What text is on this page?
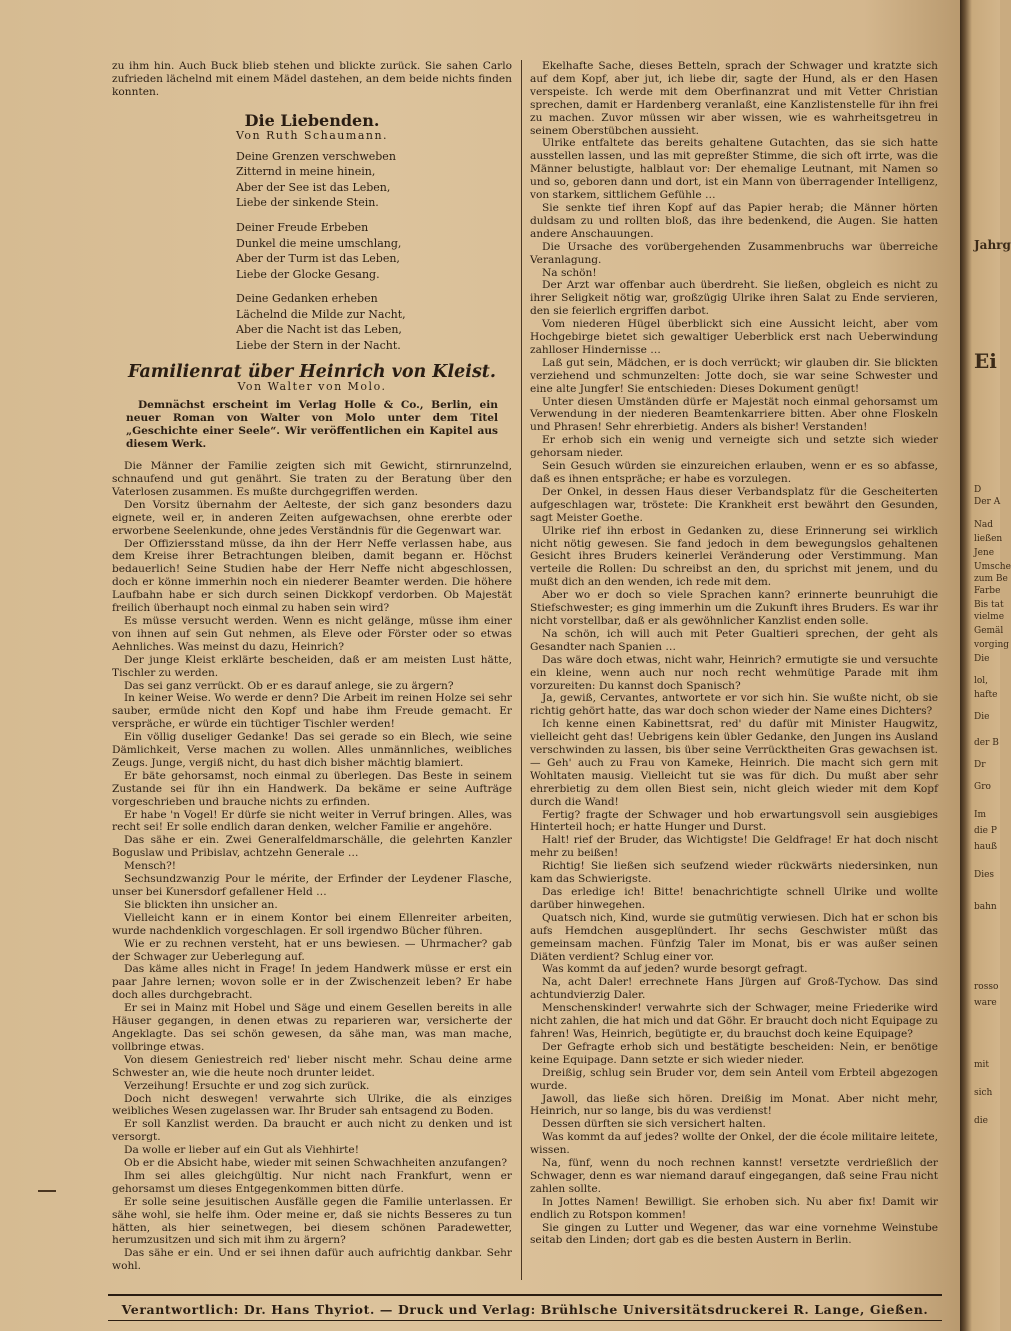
zu ihm hin. Auch Buck blieb stehen und blickte zurück. Sie sahen Carlo zufrieden lächelnd mit einem Mädel dastehen, an dem beide nichts finden konnten.

Die Liebenden.
Von Ruth Schaumann.
Deine Grenzen verschweben
Zitternd in meine hinein,
Aber der See ist das Leben,
Liebe der sinkende Stein.
Deiner Freude Erbeben
Dunkel die meine umschlang,
Aber der Turm ist das Leben,
Liebe der Glocke Gesang.
Deine Gedanken erheben
Lächelnd die Milde zur Nacht,
Aber die Nacht ist das Leben,
Liebe der Stern in der Nacht.
Familienrat über Heinrich von Kleist.
Von Walter von Molo.
Demnächst erscheint im Verlag Holle & Co., Berlin, ein neuer Roman von Walter von Molo unter dem Titel „Geschichte einer Seele“. Wir veröffentlichen ein Kapitel aus diesem Werk.

Die Männer der Familie zeigten sich mit Gewicht, stirnrunzelnd, schnaufend und gut genährt. Sie traten zu der Beratung über den Vaterlosen zusammen. Es mußte durchgegriffen werden.

Den Vorsitz übernahm der Aelteste, der sich ganz besonders dazu eignete, weil er, in anderen Zeiten aufgewachsen, ohne ererbte oder erworbene Seelenkunde, ohne jedes Verständnis für die Gegenwart war.

Der Offiziersstand müsse, da ihn der Herr Neffe verlassen habe, aus dem Kreise ihrer Betrachtungen bleiben, damit begann er. Höchst bedauerlich! Seine Studien habe der Herr Neffe nicht abgeschlossen, doch er könne immerhin noch ein niederer Beamter werden. Die höhere Laufbahn habe er sich durch seinen Dickkopf verdorben. Ob Majestät freilich überhaupt noch einmal zu haben sein wird?

Es müsse versucht werden. Wenn es nicht gelänge, müsse ihm einer von ihnen auf sein Gut nehmen, als Eleve oder Förster oder so etwas Aehnliches. Was meinst du dazu, Heinrich?

Der junge Kleist erklärte bescheiden, daß er am meisten Lust hätte, Tischler zu werden.

Das sei ganz verrückt. Ob er es darauf anlege, sie zu ärgern?

In keiner Weise. Wo werde er denn? Die Arbeit im reinen Holze sei sehr sauber, ermüde nicht den Kopf und habe ihm Freude gemacht. Er verspräche, er würde ein tüchtiger Tischler werden!

Ein völlig duseliger Gedanke! Das sei gerade so ein Blech, wie seine Dämlichkeit, Verse machen zu wollen. Alles unmännliches, weibliches Zeugs. Junge, vergiß nicht, du hast dich bisher mächtig blamiert.

Er bäte gehorsamst, noch einmal zu überlegen. Das Beste in seinem Zustande sei für ihn ein Handwerk. Da bekäme er seine Aufträge vorgeschrieben und brauche nichts zu erfinden.

Er habe 'n Vogel! Er dürfe sie nicht weiter in Verruf bringen. Alles, was recht sei! Er solle endlich daran denken, welcher Familie er angehöre.

Das sähe er ein. Zwei Generalfeldmarschälle, die gelehrten Kanzler Boguslaw und Pribislav, achtzehn Generale …

Mensch?!

Sechsundzwanzig Pour le mérite, der Erfinder der Leydener Flasche, unser bei Kunersdorf gefallener Held …

Sie blickten ihn unsicher an.

Vielleicht kann er in einem Kontor bei einem Ellenreiter arbeiten, wurde nachdenklich vorgeschlagen. Er soll irgendwo Bücher führen.

Wie er zu rechnen versteht, hat er uns bewiesen. — Uhrmacher? gab der Schwager zur Ueberlegung auf.

Das käme alles nicht in Frage! In jedem Handwerk müsse er erst ein paar Jahre lernen; wovon solle er in der Zwischenzeit leben? Er habe doch alles durchgebracht.

Er sei in Mainz mit Hobel und Säge und einem Gesellen bereits in alle Häuser gegangen, in denen etwas zu reparieren war, versicherte der Angeklagte. Das sei schön gewesen, da sähe man, was man mache, vollbringe etwas.

Von diesem Geniestreich red' lieber nischt mehr. Schau deine arme Schwester an, wie die heute noch drunter leidet.

Verzeihung! Ersuchte er und zog sich zurück.

Doch nicht deswegen! verwahrte sich Ulrike, die als einziges weibliches Wesen zugelassen war. Ihr Bruder sah entsagend zu Boden.

Er soll Kanzlist werden. Da braucht er auch nicht zu denken und ist versorgt.

Da wolle er lieber auf ein Gut als Viehhirte!

Ob er die Absicht habe, wieder mit seinen Schwachheiten anzufangen?

Ihm sei alles gleichgültig. Nur nicht nach Frankfurt, wenn er gehorsamst um dieses Entgegenkommen bitten dürfe.

Er solle seine jesuitischen Ausfälle gegen die Familie unterlassen. Er sähe wohl, sie helfe ihm. Oder meine er, daß sie nichts Besseres zu tun hätten, als hier seinetwegen, bei diesem schönen Paradewetter, herumzusitzen und sich mit ihm zu ärgern?

Das sähe er ein. Und er sei ihnen dafür auch aufrichtig dankbar. Sehr wohl.

Ekelhafte Sache, dieses Betteln, sprach der Schwager und kratzte sich auf dem Kopf, aber jut, ich liebe dir, sagte der Hund, als er den Hasen verspeiste. Ich werde mit dem Oberfinanzrat und mit Vetter Christian sprechen, damit er Hardenberg veranlaßt, eine Kanzlistenstelle für ihn frei zu machen. Zuvor müssen wir aber wissen, wie es wahrheitsgetreu in seinem Oberstübchen aussieht.

Ulrike entfaltete das bereits gehaltene Gutachten, das sie sich hatte ausstellen lassen, und las mit gepreßter Stimme, die sich oft irrte, was die Männer belustigte, halblaut vor: Der ehemalige Leutnant, mit Namen so und so, geboren dann und dort, ist ein Mann von überragender Intelligenz, von starkem, sittlichem Gefühle …

Sie senkte tief ihren Kopf auf das Papier herab; die Männer hörten duldsam zu und rollten bloß, das ihre bedenkend, die Augen. Sie hatten andere Anschauungen.

Die Ursache des vorübergehenden Zusammenbruchs war überreiche Veranlagung.

Na schön!

Der Arzt war offenbar auch überdreht. Sie ließen, obgleich es nicht zu ihrer Seligkeit nötig war, großzügig Ulrike ihren Salat zu Ende servieren, den sie feierlich ergriffen darbot.

Vom niederen Hügel überblickt sich eine Aussicht leicht, aber vom Hochgebirge bietet sich gewaltiger Ueberblick erst nach Ueberwindung zahlloser Hindernisse …

Laß gut sein, Mädchen, er is doch verrückt; wir glauben dir. Sie blickten verziehend und schmunzelten: Jotte doch, sie war seine Schwester und eine alte Jungfer! Sie entschieden: Dieses Dokument genügt!

Unter diesen Umständen dürfe er Majestät noch einmal gehorsamst um Verwendung in der niederen Beamtenkarriere bitten. Aber ohne Floskeln und Phrasen! Sehr ehrerbietig. Anders als bisher! Verstanden!

Er erhob sich ein wenig und verneigte sich und setzte sich wieder gehorsam nieder.

Sein Gesuch würden sie einzureichen erlauben, wenn er es so abfasse, daß es ihnen entspräche; er habe es vorzulegen.

Der Onkel, in dessen Haus dieser Verbandsplatz für die Gescheiterten aufgeschlagen war, tröstete: Die Krankheit erst bewährt den Gesunden, sagt Meister Goethe.

Ulrike rief ihn erbost in Gedanken zu, diese Erinnerung sei wirklich nicht nötig gewesen. Sie fand jedoch in dem bewegungslos gehaltenen Gesicht ihres Bruders keinerlei Veränderung oder Verstimmung. Man verteile die Rollen: Du schreibst an den, du sprichst mit jenem, und du mußt dich an den wenden, ich rede mit dem.

Aber wo er doch so viele Sprachen kann? erinnerte beunruhigt die Stiefschwester; es ging immerhin um die Zukunft ihres Bruders. Es war ihr nicht vorstellbar, daß er als gewöhnlicher Kanzlist enden solle.

Na schön, ich will auch mit Peter Gualtieri sprechen, der geht als Gesandter nach Spanien …

Das wäre doch etwas, nicht wahr, Heinrich? ermutigte sie und versuchte ein kleine, wenn auch nur noch recht wehmütige Parade mit ihm vorzureiten: Du kannst doch Spanisch?

Ja, gewiß, Cervantes, antwortete er vor sich hin. Sie wußte nicht, ob sie richtig gehört hatte, das war doch schon wieder der Name eines Dichters?

Ich kenne einen Kabinettsrat, red' du dafür mit Minister Haugwitz, vielleicht geht das! Uebrigens kein übler Gedanke, den Jungen ins Ausland verschwinden zu lassen, bis über seine Verrücktheiten Gras gewachsen ist. — Geh' auch zu Frau von Kameke, Heinrich. Die macht sich gern mit Wohltaten mausig. Vielleicht tut sie was für dich. Du mußt aber sehr ehrerbietig zu dem ollen Biest sein, nicht gleich wieder mit dem Kopf durch die Wand!

Fertig? fragte der Schwager und hob erwartungsvoll sein ausgiebiges Hinterteil hoch; er hatte Hunger und Durst.

Halt! rief der Bruder, das Wichtigste! Die Geldfrage! Er hat doch nischt mehr zu beißen!

Richtig! Sie ließen sich seufzend wieder rückwärts niedersinken, nun kam das Schwierigste.

Das erledige ich! Bitte! benachrichtigte schnell Ulrike und wollte darüber hinwegehen.

Quatsch nich, Kind, wurde sie gutmütig verwiesen. Dich hat er schon bis aufs Hemdchen ausgeplündert. Ihr sechs Geschwister müßt das gemeinsam machen. Fünfzig Taler im Monat, bis er was außer seinen Diäten verdient? Schlug einer vor.

Was kommt da auf jeden? wurde besorgt gefragt.

Na, acht Daler! errechnete Hans Jürgen auf Groß-Tychow. Das sind achtundvierzig Daler.

Menschenskinder! verwahrte sich der Schwager, meine Friederike wird nicht zahlen, die hat mich und dat Göhr. Er braucht doch nicht Equipage zu fahren! Was, Heinrich, begütigte er, du brauchst doch keine Equipage?

Der Gefragte erhob sich und bestätigte bescheiden: Nein, er benötige keine Equipage. Dann setzte er sich wieder nieder.

Dreißig, schlug sein Bruder vor, dem sein Anteil vom Erbteil abgezogen wurde.

Jawoll, das ließe sich hören. Dreißig im Monat. Aber nicht mehr, Heinrich, nur so lange, bis du was verdienst!

Dessen dürften sie sich versichert halten.

Was kommt da auf jedes? wollte der Onkel, der die école militaire leitete, wissen.

Na, fünf, wenn du noch rechnen kannst! versetzte verdrießlich der Schwager, denn es war niemand darauf eingegangen, daß seine Frau nicht zahlen sollte.

In Jottes Namen! Bewilligt. Sie erhoben sich. Nu aber fix! Damit wir endlich zu Rotspon kommen!

Sie gingen zu Lutter und Wegener, das war eine vornehme Weinstube seitab den Linden; dort gab es die besten Austern in Berlin.

Verantwortlich: Dr. Hans Thyriot. — Druck und Verlag: Brühlsche Universitätsdruckerei R. Lange, Gießen.
Jahrg
Ei
D
Der A
Nad
ließen
Jene
Umsche
zum Be
Farbe
Bis tat
vielme
Gemäl
vorging
Die
lol,
hafte
Die
der B
Dr
Gro
Im
die P
hauß
Dies
bahn
rosso
ware
mit
sich
die
